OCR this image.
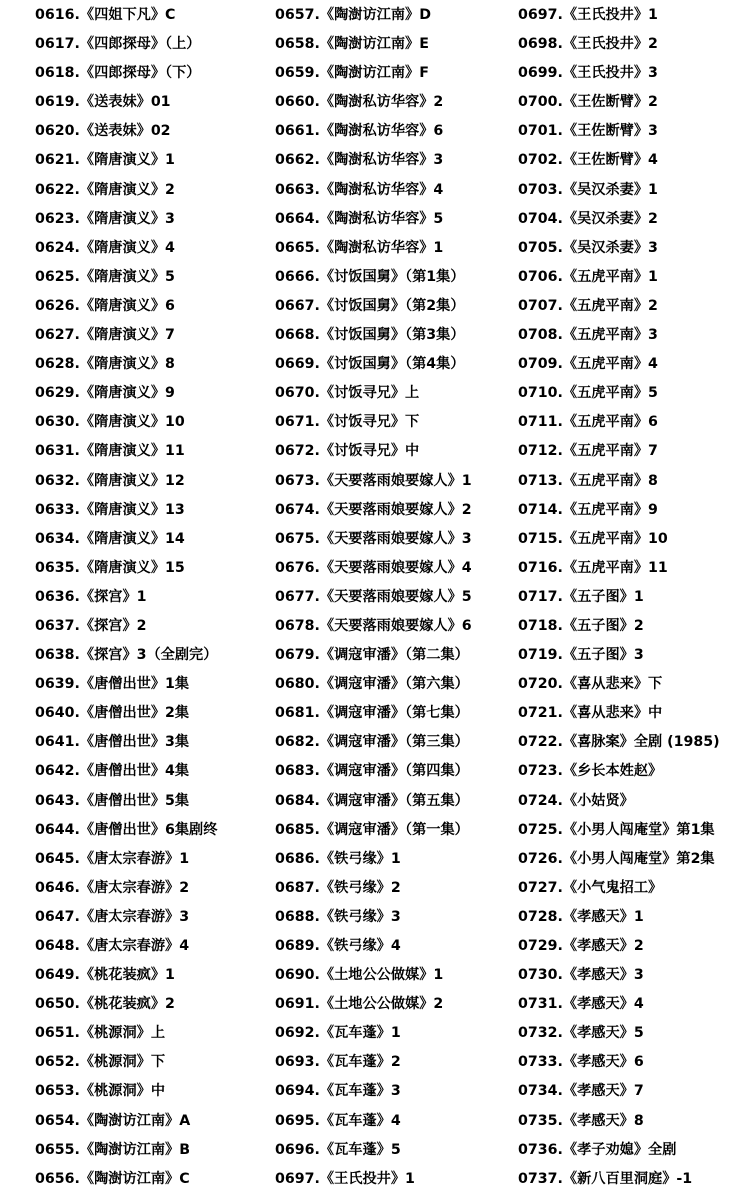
0616.《四姐下凡》C
0617.《四郎探母》（上）
0618.《四郎探母》（下）
0619.《送表妹》01
0620.《送表妹》02
0621.《隋唐演义》1
0622.《隋唐演义》2
0623.《隋唐演义》3
0624.《隋唐演义》4
0625.《隋唐演义》5
0626.《隋唐演义》6
0627.《隋唐演义》7
0628.《隋唐演义》8
0629.《隋唐演义》9
0630.《隋唐演义》10
0631.《隋唐演义》11
0632.《隋唐演义》12
0633.《隋唐演义》13
0634.《隋唐演义》14
0635.《隋唐演义》15
0636.《探宫》1
0637.《探宫》2
0638.《探宫》3（全剧完）
0639.《唐僧出世》1集
0640.《唐僧出世》2集
0641.《唐僧出世》3集
0642.《唐僧出世》4集
0643.《唐僧出世》5集
0644.《唐僧出世》6集剧终
0645.《唐太宗春游》1
0646.《唐太宗春游》2
0647.《唐太宗春游》3
0648.《唐太宗春游》4
0649.《桃花装疯》1
0650.《桃花装疯》2
0651.《桃源洞》上
0652.《桃源洞》下
0653.《桃源洞》中
0654.《陶澍访江南》A
0655.《陶澍访江南》B
0656.《陶澍访江南》C
0657.《陶澍访江南》D
0658.《陶澍访江南》E
0659.《陶澍访江南》F
0660.《陶澍私访华容》2
0661.《陶澍私访华容》6
0662.《陶澍私访华容》3
0663.《陶澍私访华容》4
0664.《陶澍私访华容》5
0665.《陶澍私访华容》1
0666.《讨饭国舅》（第1集）
0667.《讨饭国舅》（第2集）
0668.《讨饭国舅》（第3集）
0669.《讨饭国舅》（第4集）
0670.《讨饭寻兄》上
0671.《讨饭寻兄》下
0672.《讨饭寻兄》中
0673.《天要落雨娘要嫁人》1
0674.《天要落雨娘要嫁人》2
0675.《天要落雨娘要嫁人》3
0676.《天要落雨娘要嫁人》4
0677.《天要落雨娘要嫁人》5
0678.《天要落雨娘要嫁人》6
0679.《调寇审潘》（第二集）
0680.《调寇审潘》（第六集）
0681.《调寇审潘》（第七集）
0682.《调寇审潘》（第三集）
0683.《调寇审潘》（第四集）
0684.《调寇审潘》（第五集）
0685.《调寇审潘》（第一集）
0686.《铁弓缘》1
0687.《铁弓缘》2
0688.《铁弓缘》3
0689.《铁弓缘》4
0690.《土地公公做媒》1
0691.《土地公公做媒》2
0692.《瓦车蓬》1
0693.《瓦车蓬》2
0694.《瓦车蓬》3
0695.《瓦车蓬》4
0696.《瓦车蓬》5
0697.《王氏投井》1
0697.《王氏投井》1
0698.《王氏投井》2
0699.《王氏投井》3
0700.《王佐断臂》2
0701.《王佐断臂》3
0702.《王佐断臂》4
0703.《吴汉杀妻》1
0704.《吴汉杀妻》2
0705.《吴汉杀妻》3
0706.《五虎平南》1
0707.《五虎平南》2
0708.《五虎平南》3
0709.《五虎平南》4
0710.《五虎平南》5
0711.《五虎平南》6
0712.《五虎平南》7
0713.《五虎平南》8
0714.《五虎平南》9
0715.《五虎平南》10
0716.《五虎平南》11
0717.《五子图》1
0718.《五子图》2
0719.《五子图》3
0720.《喜从悲来》下
0721.《喜从悲来》中
0722.《喜脉案》全剧 (1985)
0723.《乡长本姓赵》
0724.《小姑贤》
0725.《小男人闯庵堂》第1集
0726.《小男人闯庵堂》第2集
0727.《小气鬼招工》
0728.《孝感天》1
0729.《孝感天》2
0730.《孝感天》3
0731.《孝感天》4
0732.《孝感天》5
0733.《孝感天》6
0734.《孝感天》7
0735.《孝感天》8
0736.《孝子劝媳》全剧
0737.《新八百里洞庭》-1
